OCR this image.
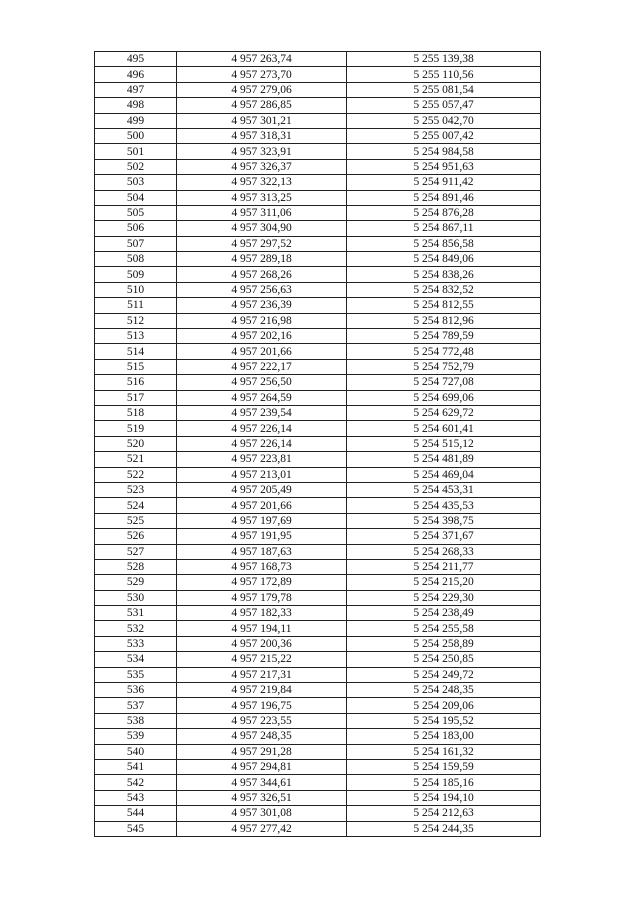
495	4 957 263,74	5 255 139,38
496	4 957 273,70	5 255 110,56
497	4 957 279,06	5 255 081,54
498	4 957 286,85	5 255 057,47
499	4 957 301,21	5 255 042,70
500	4 957 318,31	5 255 007,42
501	4 957 323,91	5 254 984,58
502	4 957 326,37	5 254 951,63
503	4 957 322,13	5 254 911,42
504	4 957 313,25	5 254 891,46
505	4 957 311,06	5 254 876,28
506	4 957 304,90	5 254 867,11
507	4 957 297,52	5 254 856,58
508	4 957 289,18	5 254 849,06
509	4 957 268,26	5 254 838,26
510	4 957 256,63	5 254 832,52
511	4 957 236,39	5 254 812,55
512	4 957 216,98	5 254 812,96
513	4 957 202,16	5 254 789,59
514	4 957 201,66	5 254 772,48
515	4 957 222,17	5 254 752,79
516	4 957 256,50	5 254 727,08
517	4 957 264,59	5 254 699,06
518	4 957 239,54	5 254 629,72
519	4 957 226,14	5 254 601,41
520	4 957 226,14	5 254 515,12
521	4 957 223,81	5 254 481,89
522	4 957 213,01	5 254 469,04
523	4 957 205,49	5 254 453,31
524	4 957 201,66	5 254 435,53
525	4 957 197,69	5 254 398,75
526	4 957 191,95	5 254 371,67
527	4 957 187,63	5 254 268,33
528	4 957 168,73	5 254 211,77
529	4 957 172,89	5 254 215,20
530	4 957 179,78	5 254 229,30
531	4 957 182,33	5 254 238,49
532	4 957 194,11	5 254 255,58
533	4 957 200,36	5 254 258,89
534	4 957 215,22	5 254 250,85
535	4 957 217,31	5 254 249,72
536	4 957 219,84	5 254 248,35
537	4 957 196,75	5 254 209,06
538	4 957 223,55	5 254 195,52
539	4 957 248,35	5 254 183,00
540	4 957 291,28	5 254 161,32
541	4 957 294,81	5 254 159,59
542	4 957 344,61	5 254 185,16
543	4 957 326,51	5 254 194,10
544	4 957 301,08	5 254 212,63
545	4 957 277,42	5 254 244,35
